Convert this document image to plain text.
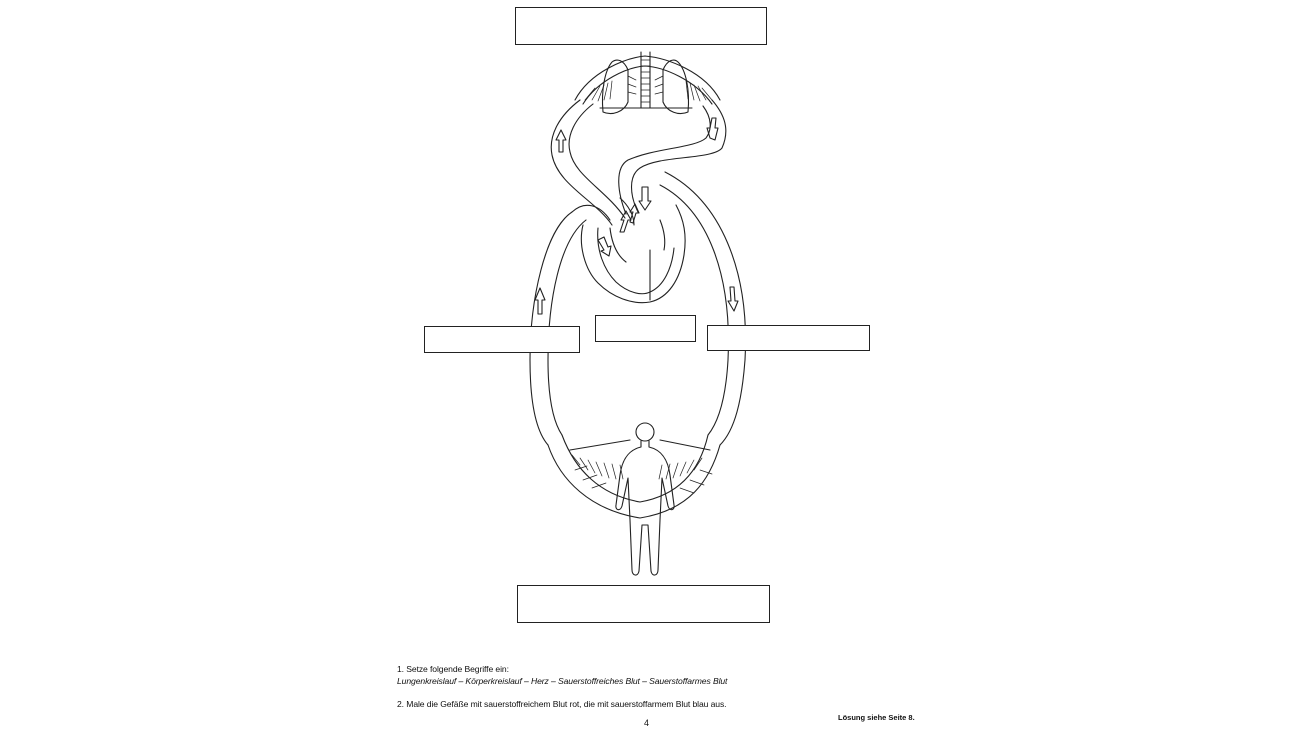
1. Setze folgende Begriffe ein:
Lungenkreislauf – Körperkreislauf – Herz – Sauerstoffreiches Blut – Sauerstoffarmes Blut
2. Male die Gefäße mit sauerstoffreichem Blut rot, die mit sauerstoffarmem Blut blau aus.
4
Lösung siehe Seite 8.
